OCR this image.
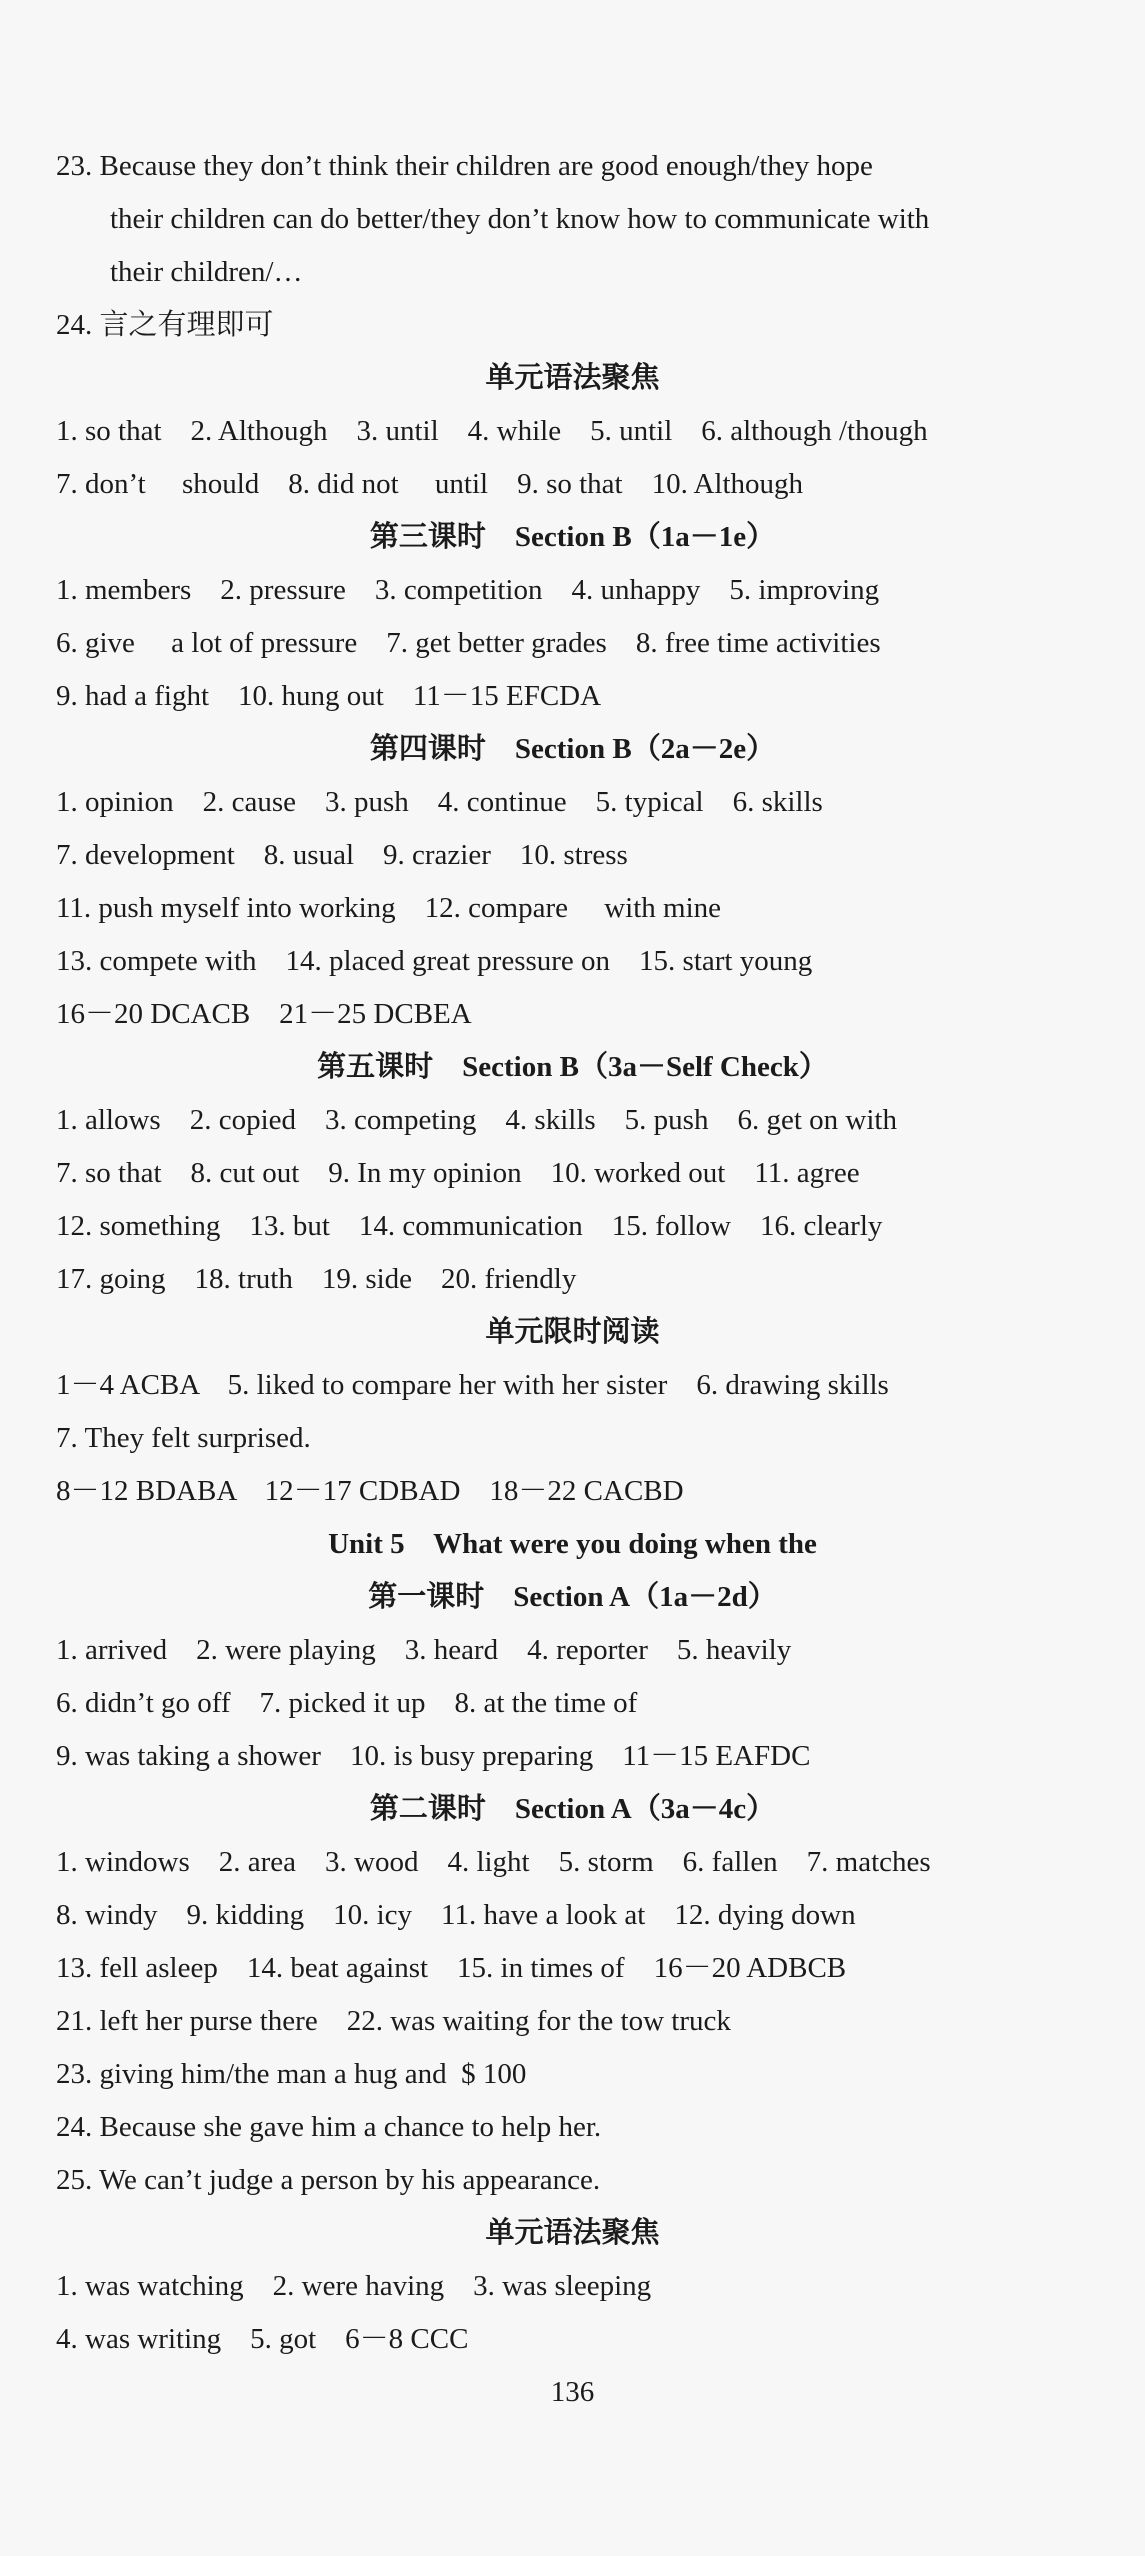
23. Because they don’t think their children are good enough/they hope
their children can do better/they don’t know how to communicate with
their children/…
24. 言之有理即可
单元语法聚焦
1. so that    2. Although    3. until    4. while    5. until    6. although /though
7. don’t     should    8. did not     until    9. so that    10. Although
第三课时    Section B（1a－1e）
1. members    2. pressure    3. competition    4. unhappy    5. improving
6. give     a lot of pressure    7. get better grades    8. free time activities
9. had a fight    10. hung out    11－15 EFCDA
第四课时    Section B（2a－2e）
1. opinion    2. cause    3. push    4. continue    5. typical    6. skills
7. development    8. usual    9. crazier    10. stress
11. push myself into working    12. compare     with mine
13. compete with    14. placed great pressure on    15. start young
16－20 DCACB    21－25 DCBEA
第五课时    Section B（3a－Self Check）
1. allows    2. copied    3. competing    4. skills    5. push    6. get on with
7. so that    8. cut out    9. In my opinion    10. worked out    11. agree
12. something    13. but    14. communication    15. follow    16. clearly
17. going    18. truth    19. side    20. friendly
单元限时阅读
1－4 ACBA    5. liked to compare her with her sister    6. drawing skills
7. They felt surprised.
8－12 BDABA    12－17 CDBAD    18－22 CACBD
Unit 5    What were you doing when the
第一课时    Section A（1a－2d）
1. arrived    2. were playing    3. heard    4. reporter    5. heavily
6. didn’t go off    7. picked it up    8. at the time of
9. was taking a shower    10. is busy preparing    11－15 EAFDC
第二课时    Section A（3a－4c）
1. windows    2. area    3. wood    4. light    5. storm    6. fallen    7. matches
8. windy    9. kidding    10. icy    11. have a look at    12. dying down
13. fell asleep    14. beat against    15. in times of    16－20 ADBCB
21. left her purse there    22. was waiting for the tow truck
23. giving him/the man a hug and  $ 100
24. Because she gave him a chance to help her.
25. We can’t judge a person by his appearance.
单元语法聚焦
1. was watching    2. were having    3. was sleeping
4. was writing    5. got    6－8 CCC
136
